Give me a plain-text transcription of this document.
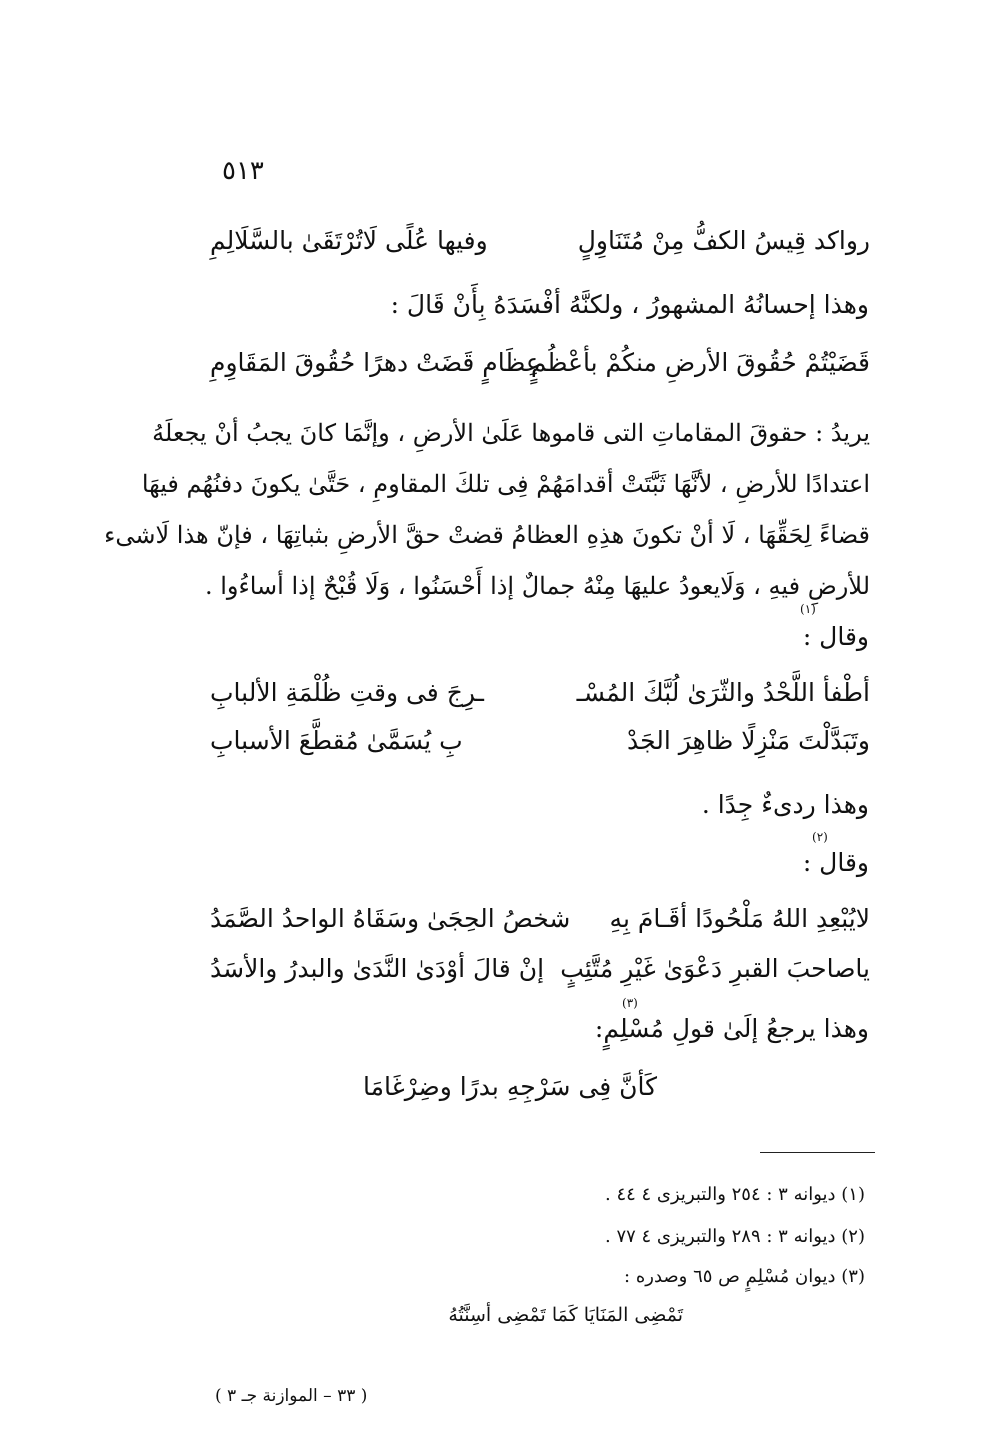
٥١٣
رواكد قِيسُ الكفُّ مِنْ مُتَنَاوِلٍ
وفيها عُلًى لَاتُرْتَقَىٰ بالسَّلَالِمِ
وهذا إحسانُهُ المشهورُ ، ولكنَّهُ أفْسَدَهُ بِأَنْ قَالَ :
قَضَيْتُمْ حُقُوقَ الأرضِ منكُمْ بأعْظُمٍ
عِظَامٍ قَضَتْ دهرًا حُقُوقَ المَقَاوِمِ
يريدُ : حقوقَ المقاماتِ التى قاموها عَلَىٰ الأرضِ ، وإنَّمَا كانَ يجبُ أنْ يجعلَهُ
اعتدادًا للأرضِ ، لأنَّهَا ثَبَّتَتْ أقدامَهُمْ فِى تلكَ المقاومِ ، حَتَّىٰ يكونَ دفنُهُم فيهَا
قضاءً لِحَقِّهَا ، لَا أنْ تكونَ هذِهِ العظامُ قضتْ حقَّ الأرضِ بثباتِهَا ، فإنّ هذا لَاشىء
للأرضِ فيهِ ، وَلَايعودُ عليهَا مِنْهُ جمالٌ إذا أَحْسَنُوا ، وَلَا قُبْحٌ إذا أساءُوا .
(١)
وقال :
أطْفأ اللَّحْدُ والثّرَىٰ لُبَّكَ المُسْـ
ـرِجَ فى وقتِ ظُلْمَةِ الألبابِ
وتَبَدَّلْتَ مَنْزِلًا ظاهِرَ الجَدْ
بِ يُسَمَّىٰ مُقطَّعَ الأسبابِ
وهذا ردىءٌ جِدًا .
(٢)
وقال :
لايُبْعِدِ اللهُ مَلْحُودًا أقَـامَ بِهِ
شخصُ الحِجَىٰ وسَقَاهُ الواحدُ الصَّمَدُ
ياصاحبَ القبرِ دَعْوَىٰ غَيْرِ مُتَّئِبٍ
إنْ قالَ أوْدَىٰ النَّدَىٰ والبدرُ والأسَدُ
(٣)
وهذا يرجعُ إلَىٰ قولِ مُسْلِمٍ:
كَأنَّ فِى سَرْجِهِ بدرًا وضِرْغَامَا
(١) ديوانه ٣ : ٢٥٤ والتبريزى ٤ ٤٤ .
(٢) ديوانه ٣ : ٢٨٩ والتبريزى ٤ ٧٧ .
(٣) ديوان مُسْلِمٍ ص ٦٥ وصدره :
تَمْضِى المَنَايَا كَمَا تَمْضِى أسِنَّتُهُ
( ٣٣ – الموازنة جـ ٣ )
